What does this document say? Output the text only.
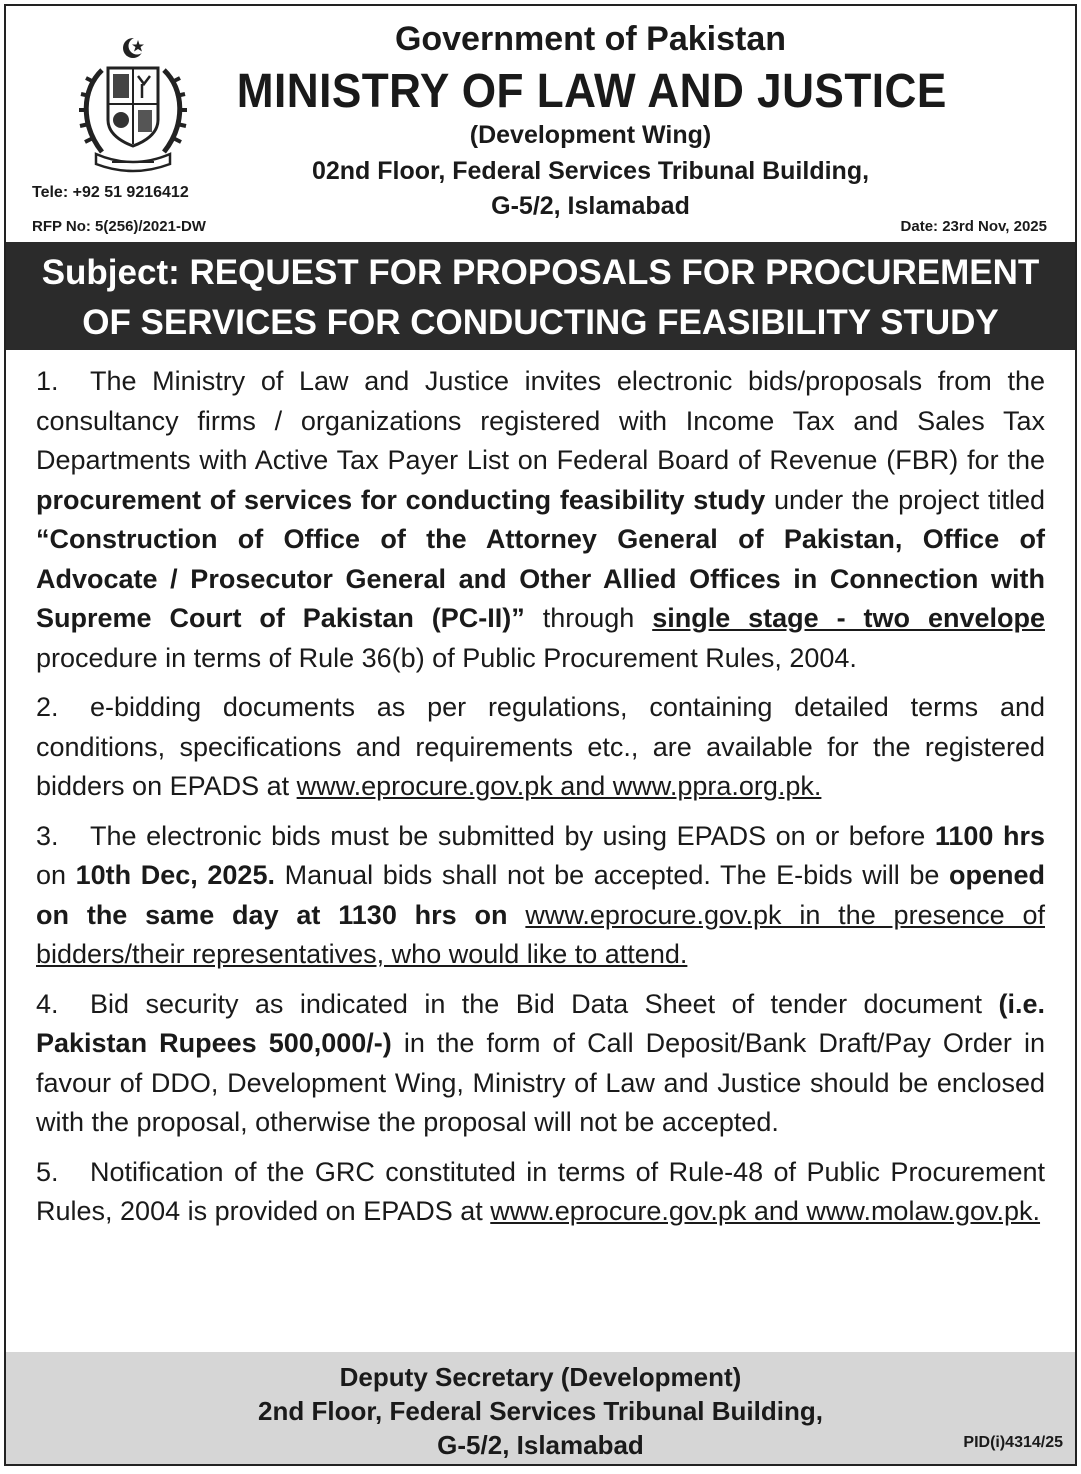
Government of Pakistan
MINISTRY OF LAW AND JUSTICE
(Development Wing)
02nd Floor, Federal Services Tribunal Building,
G-5/2, Islamabad
Tele: +92 51 9216412
RFP No: 5(256)/2021-DW	Date: 23rd Nov, 2025
Subject: REQUEST FOR PROPOSALS FOR PROCUREMENT
OF SERVICES FOR CONDUCTING FEASIBILITY STUDY

1. The Ministry of Law and Justice invites electronic bids/proposals from the consultancy firms / organizations registered with Income Tax and Sales Tax Departments with Active Tax Payer List on Federal Board of Revenue (FBR) for the procurement of services for conducting feasibility study under the project titled “Construction of Office of the Attorney General of Pakistan, Office of Advocate / Prosecutor General and Other Allied Offices in Connection with Supreme Court of Pakistan (PC-II)” through single stage - two envelope procedure in terms of Rule 36(b) of Public Procurement Rules, 2004.

2. e-bidding documents as per regulations, containing detailed terms and conditions, specifications and requirements etc., are available for the registered bidders on EPADS at www.eprocure.gov.pk and www.ppra.org.pk.

3. The electronic bids must be submitted by using EPADS on or before 1100 hrs on 10th Dec, 2025. Manual bids shall not be accepted. The E-bids will be opened on the same day at 1130 hrs on www.eprocure.gov.pk in the presence of bidders/their representatives, who would like to attend.

4. Bid security as indicated in the Bid Data Sheet of tender document (i.e. Pakistan Rupees 500,000/-) in the form of Call Deposit/Bank Draft/Pay Order in favour of DDO, Development Wing, Ministry of Law and Justice should be enclosed with the proposal, otherwise the proposal will not be accepted.

5. Notification of the GRC constituted in terms of Rule-48 of Public Procurement Rules, 2004 is provided on EPADS at www.eprocure.gov.pk and www.molaw.gov.pk.

Deputy Secretary (Development)
2nd Floor, Federal Services Tribunal Building,
G-5/2, Islamabad	PID(i)4314/25
